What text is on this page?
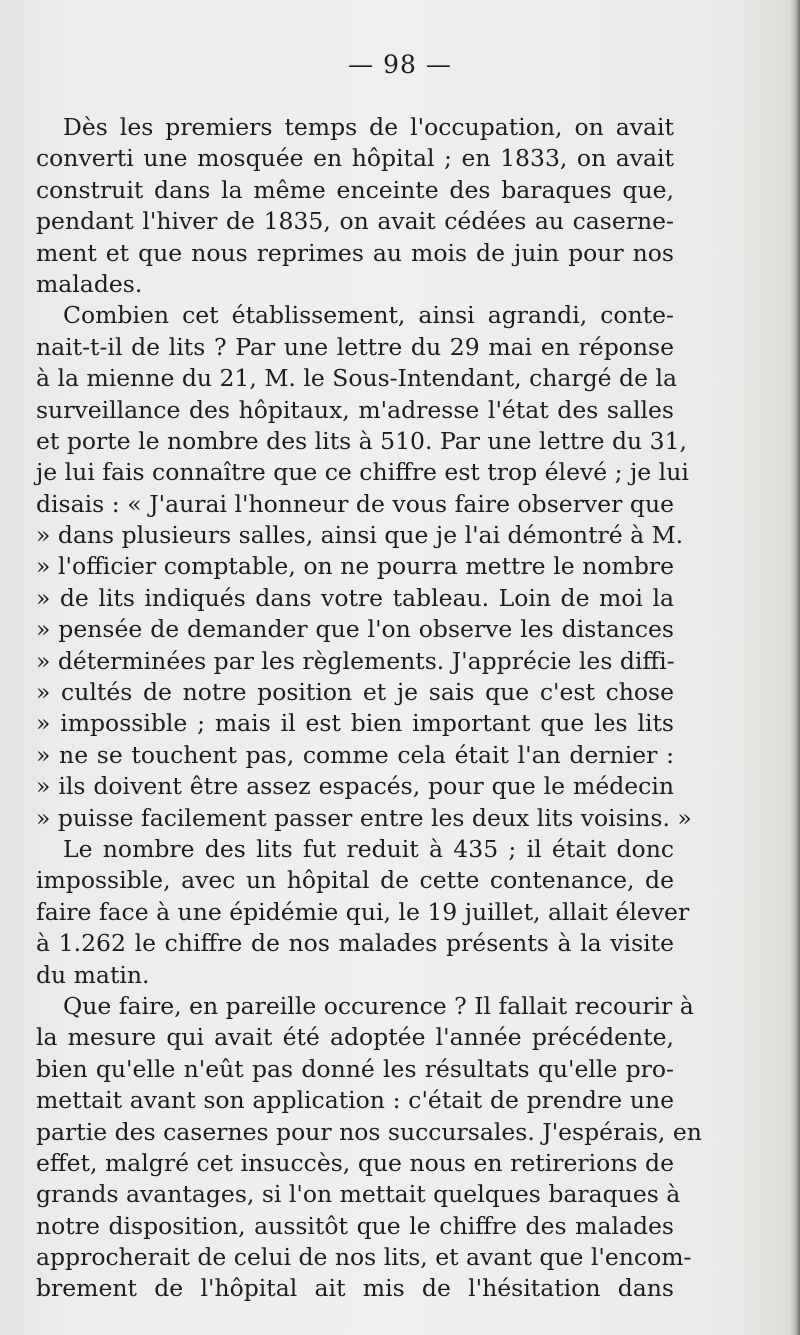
— 98 —
Dès les premiers temps de l'occupation, on avait
converti une mosquée en hôpital ; en 1833, on avait
construit dans la même enceinte des baraques que,
pendant l'hiver de 1835, on avait cédées au caserne-
ment et que nous reprimes au mois de juin pour nos
malades.
Combien cet établissement, ainsi agrandi, conte-
nait-t-il de lits ? Par une lettre du 29 mai en réponse
à la mienne du 21, M. le Sous-Intendant, chargé de la
surveillance des hôpitaux, m'adresse l'état des salles
et porte le nombre des lits à 510. Par une lettre du 31,
je lui fais connaître que ce chiffre est trop élevé ; je lui
disais : « J'aurai l'honneur de vous faire observer que
» dans plusieurs salles, ainsi que je l'ai démontré à M.
» l'officier comptable, on ne pourra mettre le nombre
» de lits indiqués dans votre tableau. Loin de moi la
» pensée de demander que l'on observe les distances
» déterminées par les règlements. J'apprécie les diffi-
» cultés de notre position et je sais que c'est chose
» impossible ; mais il est bien important que les lits
» ne se touchent pas, comme cela était l'an dernier :
» ils doivent être assez espacés, pour que le médecin
» puisse facilement passer entre les deux lits voisins. »
Le nombre des lits fut reduit à 435 ; il était donc
impossible, avec un hôpital de cette contenance, de
faire face à une épidémie qui, le 19 juillet, allait élever
à 1.262 le chiffre de nos malades présents à la visite
du matin.
Que faire, en pareille occurence ? Il fallait recourir à
la mesure qui avait été adoptée l'année précédente,
bien qu'elle n'eût pas donné les résultats qu'elle pro-
mettait avant son application : c'était de prendre une
partie des casernes pour nos succursales. J'espérais, en
effet, malgré cet insuccès, que nous en retirerions de
grands avantages, si l'on mettait quelques baraques à
notre disposition, aussitôt que le chiffre des malades
approcherait de celui de nos lits, et avant que l'encom-
brement de l'hôpital ait mis de l'hésitation dans
